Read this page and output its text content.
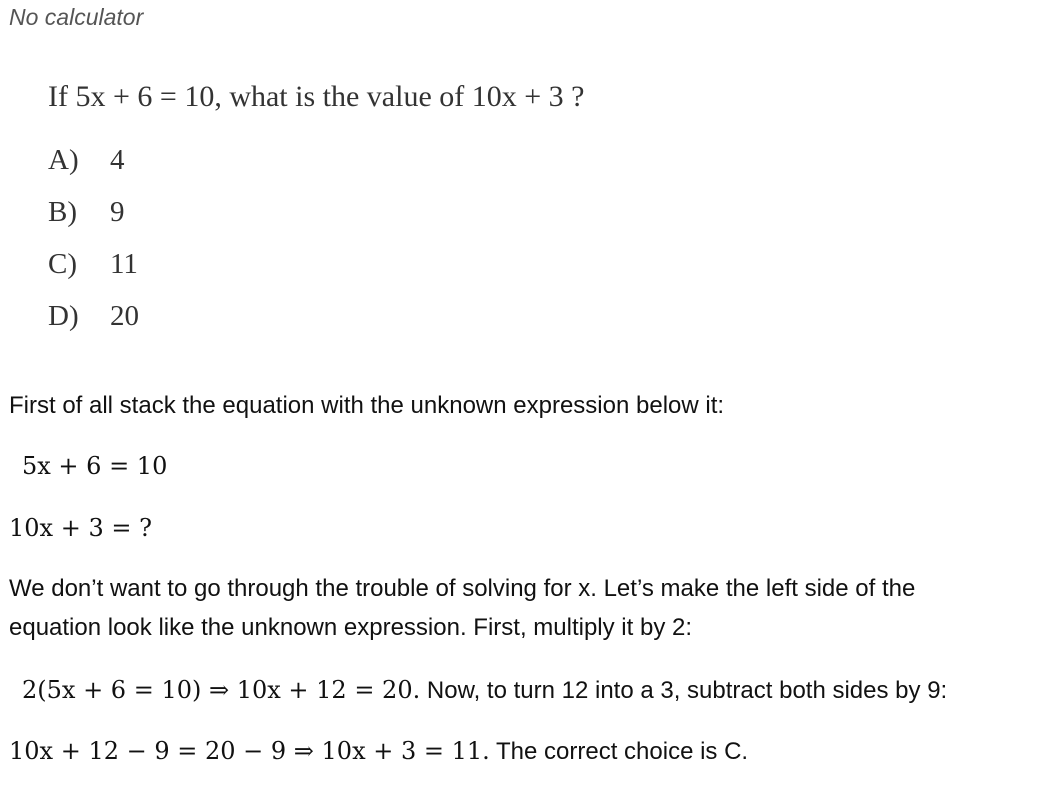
No calculator
If 5x + 6 = 10, what is the value of 10x + 3 ?
A)	4
B)	9
C)	11
D)	20
First of all stack the equation with the unknown expression below it:
5x + 6 = 10
10x + 3 = ?
We don’t want to go through the trouble of solving for x. Let’s make the left side of the
equation look like the unknown expression. First, multiply it by 2:
2(5x + 6 = 10) ⇒ 10x + 12 = 20. Now, to turn 12 into a 3, subtract both sides by 9:
10x + 12 − 9 = 20 − 9 ⇒ 10x + 3 = 11. The correct choice is C.
